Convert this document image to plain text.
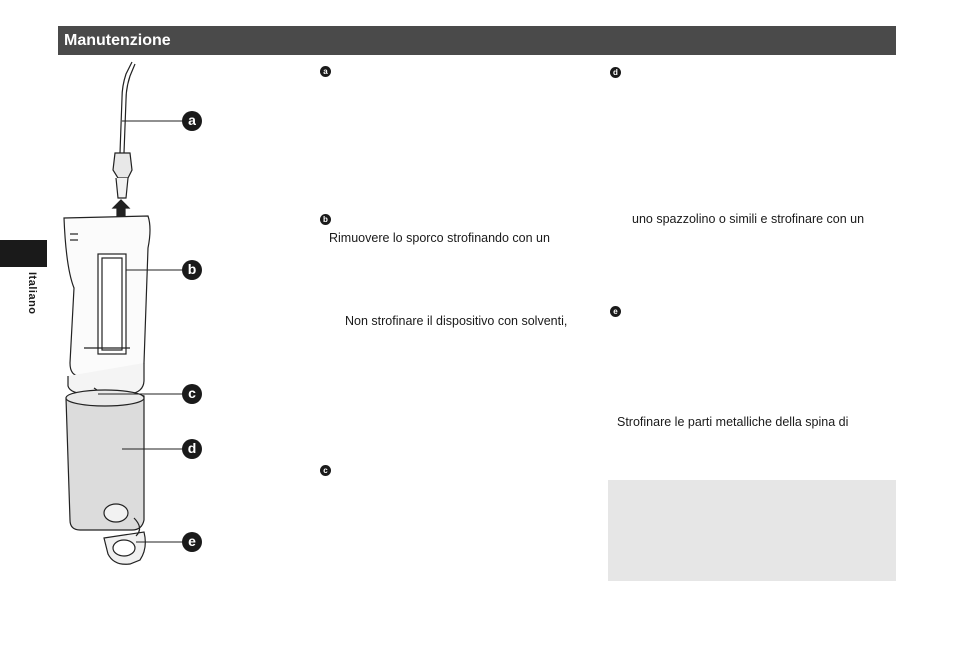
Manutenzione
Italiano
a
b
c
d
e
a
b
Rimuovere lo sporco strofinando con un
Non strofinare il dispositivo con solventi,
c
d
uno spazzolino o simili e strofinare con un
e
Strofinare le parti metalliche della spina di
